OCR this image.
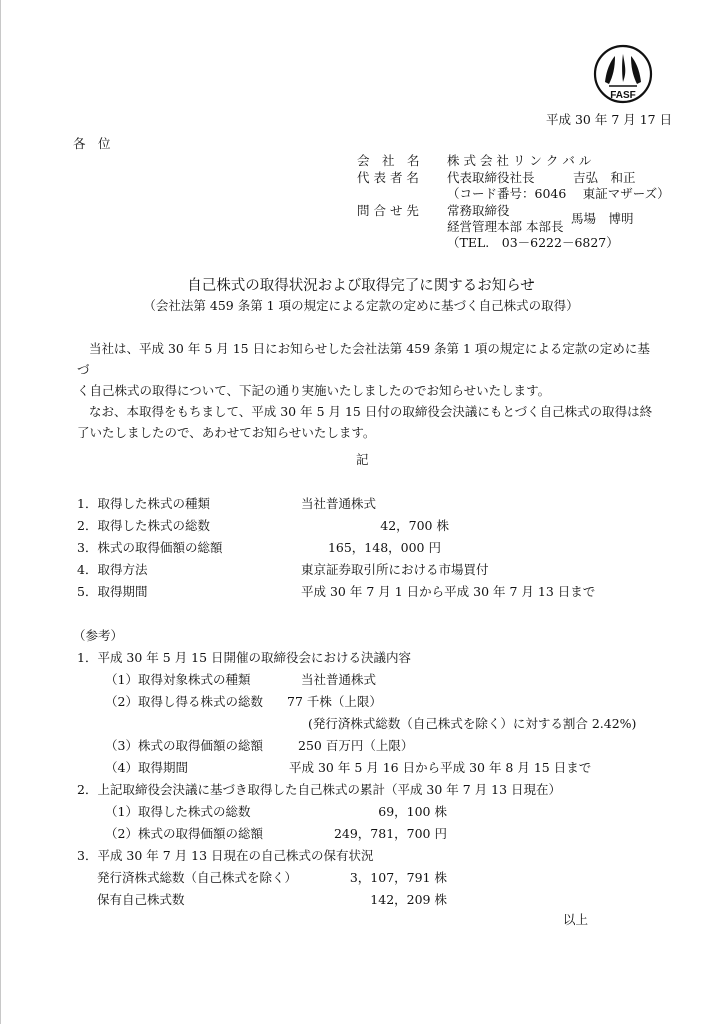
FASF
平成 30 年 7 月 17 日
各　位
会　社　名 株 式 会 社 リ ン ク バ ル
代 表 者 名 代表取締役社長	吉弘　和正
（コード番号：6046　 東証マザーズ）
問 合 せ 先 常務取締役
経営管理本部 本部長
馬場　博明
（TEL.　03－6222－6827）
自己株式の取得状況および取得完了に関するお知らせ
（会社法第 459 条第 1 項の規定による定款の定めに基づく自己株式の取得）

当社は、平成 30 年 5 月 15 日にお知らせした会社法第 459 条第 1 項の規定による定款の定めに基づ

く自己株式の取得について、下記の通り実施いたしましたのでお知らせいたします。

なお、本取得をもちまして、平成 30 年 5 月 15 日付の取締役会決議にもとづく自己株式の取得は終

了いたしましたので、あわせてお知らせいたします。

記
1．取得した株式の種類	当社普通株式
2．取得した株式の総数	42，700 株
3．株式の取得価額の総額	165，148，000 円
4．取得方法	東京証券取引所における市場買付
5．取得期間	平成 30 年 7 月 1 日から平成 30 年 7 月 13 日まで
（参考）
1．平成 30 年 5 月 15 日開催の取締役会における決議内容
（1）取得対象株式の種類	当社普通株式
（2）取得し得る株式の総数 77 千株（上限）
(発行済株式総数（自己株式を除く）に対する割合 2.42%)
（3）株式の取得価額の総額	250 百万円（上限）
（4）取得期間	平成 30 年 5 月 16 日から平成 30 年 8 月 15 日まで
2．上記取締役会決議に基づき取得した自己株式の累計（平成 30 年 7 月 13 日現在）
（1）取得した株式の総数	69，100 株
（2）株式の取得価額の総額	249，781，700 円
3．平成 30 年 7 月 13 日現在の自己株式の保有状況
発行済株式総数（自己株式を除く）	3，107，791 株
保有自己株式数	142，209 株
以上
